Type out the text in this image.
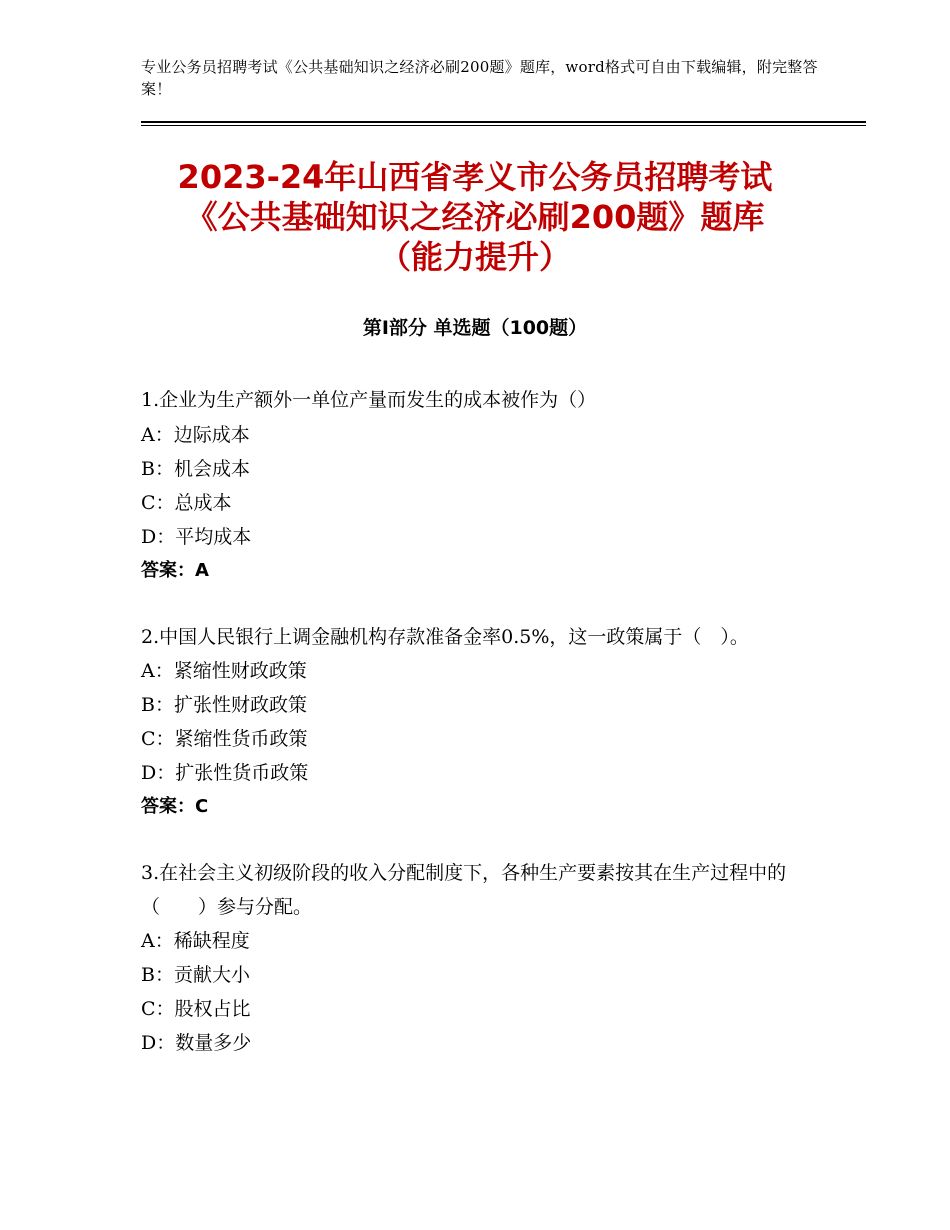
专业公务员招聘考试《公共基础知识之经济必刷200题》题库，word格式可自由下载编辑，附完整答案！
2023-24年山西省孝义市公务员招聘考试
《公共基础知识之经济必刷200题》题库
（能力提升）
第Ⅰ部分 单选题（100题）
1.企业为生产额外一单位产量而发生的成本被作为（）
A：边际成本
B：机会成本
C：总成本
D：平均成本
答案：A
2.中国人民银行上调金融机构存款准备金率0.5%，这一政策属于（　）。
A：紧缩性财政政策
B：扩张性财政政策
C：紧缩性货币政策
D：扩张性货币政策
答案：C
3.在社会主义初级阶段的收入分配制度下，各种生产要素按其在生产过程中的（　　）参与分配。
A：稀缺程度
B：贡献大小
C：股权占比
D：数量多少
